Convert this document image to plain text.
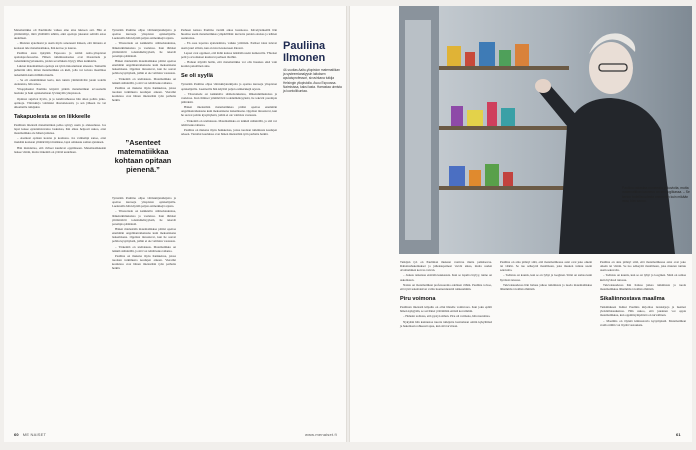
Matematiikka oli Pauliinalle vaikea aine aina lukioon asti. Hän ei ymmärtänyt, mitä yhtälöillä tehtiin, eikä opettaja jaksanut selittää asiaa uudelleen.

– Muistan ajatelleeni ja usein myös sanoneeni ääneen, että minusta ei koskaan tule matemaatikkoa, hän kertoo ja nauraa.

Pauliina asuu nykyään Espoossa ja toimii Aalto-yliopiston apulaisprofessorina. Hänen tutkimusalaansa ovat tilastotiede ja todennäköisyyslaskenta, joiden sovelluksia löytyy lähes kaikkialta.

Lukion matematiikan opettaja sai tytön innostumaan aineesta. Tunneilla puhuttiin siitä, miten matematiikka on kieli, jolla voi kuvata maailmaa tarkemmin kuin millään muulla.

– Se oli ensimmäinen kerta, kun tunsin ymmärtäväni jotain todella olennaista, hän sanoo.

Ylioppilaaksi Pauliina kirjoitti pitkän matematiikan arvosanalla laudatur ja haki opiskelemaan Jyväskylän yliopistoon.

Opinnot sujuivat hyvin, ja jo kandivaiheessa hän alkoi pohtia jatko-opintoja. Väitöskirja valmistui tilastotieteestä, ja sen jälkeen tie vei ulkomaille tutkijaksi.

Takapuolesta se on liikkeelle

Pauliinan mielestä matematiikan pelko syntyy usein jo alakoulussa. Jos lapsi kokee epäonnistuvansa laskuissa, hän alkaa helposti uskoa, ettei matematiikka ole hänen juttunsa.

– Asenteet opitaan kotona ja koulussa. Jos vanhempi sanoo, ettei itsekään koskaan ymmärtänyt matikkaa, lapsi omaksuu saman ajatuksen.

Hän muistuttaa, että virheet kuuluvat oppimiseen. Matemaatikkokin laskee väärin, mutta tärkeintä on yrittää uudelleen.

Työssään Pauliina ohjaa väitöskirjatutkijoita ja opettaa kursseja yliopiston opiskelijoille. Luennoilla hän käyttää paljon esimerkkejä arjesta.

– Tilastotiede on kaikkialla: säätiedotuksissa, lääketutkimuksissa ja vaaleissa. Kun ihmiset ymmärtävät todennäköisyyksiä, he tekevät parempia päätöksiä.

Hänen mielestään matematiikkaa pitäisi opettaa enemmän ongelmanratkaisuna kuin mekaanisena laskemisena. Oppilaat innostuvat, kun he saavat pohtia kysymyksiä, joihin ei ole valmista vastausta.

– Tärkeintä on uteliaisuus. Matematiikka on leikkiä säännöillä, ja sitä voi tehdä kuka tahansa.

Pauliina on mukana myös hankkeissa, joissa tuodaan tutkimusta koulujen arkeen. Vierailut kouluissa ovat hänen mielestään työn parhaita hetkiä.

”Asenteet matematiikkaa kohtaan opitaan pienenä.”

Työssään Pauliina ohjaa väitöskirjatutkijoita ja opettaa kursseja yliopiston opiskelijoille. Luennoilla hän käyttää paljon esimerkkejä arjesta.

– Tilastotiede on kaikkialla: säätiedotuksissa, lääketutkimuksissa ja vaaleissa. Kun ihmiset ymmärtävät todennäköisyyksiä, he tekevät parempia päätöksiä.

Hänen mielestään matematiikkaa pitäisi opettaa enemmän ongelmanratkaisuna kuin mekaanisena laskemisena. Oppilaat innostuvat, kun he saavat pohtia kysymyksiä, joihin ei ole valmista vastausta.

– Tärkeintä on uteliaisuus. Matematiikka on leikkiä säännöillä, ja sitä voi tehdä kuka tahansa.

Pauliina on mukana myös hankkeissa, joissa tuodaan tutkimusta koulujen arkeen. Vierailut kouluissa ovat hänen mielestään työn parhaita hetkiä.

Perheen kanssa Pauliina viettää aikaa luonnossa. Kävelylenkeillä hän huomaa usein matematiikkaa ympärillään: kuvioita puiden oksissa ja lehtien asennoissa.

– En osaa lopettaa ajattelemista, vaikka yrittäisin. Parhaat ideat tulevat usein juuri silloin, kun en istu tietokoneen ääressä.

Lapset ovat oppineet, että äidin kanssa leikitään usein numeroilla. Yhteiset pelit ja arvoitukset kuuluvat perheen iltoihin.

– Haluan näyttää heille, että matematiikka voi olla hauskaa eikä vain koulun pakollinen aine.

Se oli syyllä

Työssään Pauliina ohjaa väitöskirjatutkijoita ja opettaa kursseja yliopiston opiskelijoille. Luennoilla hän käyttää paljon esimerkkejä arjesta.

– Tilastotiede on kaikkialla: säätiedotuksissa, lääketutkimuksissa ja vaaleissa. Kun ihmiset ymmärtävät todennäköisyyksiä, he tekevät parempia päätöksiä.

Hänen mielestään matematiikkaa pitäisi opettaa enemmän ongelmanratkaisuna kuin mekaanisena laskemisena. Oppilaat innostuvat, kun he saavat pohtia kysymyksiä, joihin ei ole valmista vastausta.

– Tärkeintä on uteliaisuus. Matematiikka on leikkiä säännöillä, ja sitä voi tehdä kuka tahansa.

Pauliina on mukana myös hankkeissa, joissa tuodaan tutkimusta koulujen arkeen. Vierailut kouluissa ovat hänen mielestään työn parhaita hetkiä.

Pauliina Ilmonen
44-vuotias Aalto-yliopiston matematiikan ja systeemianalyysin laitoksen apulaisprofessori, sivuvirkana tutkija Helsingin yliopistolla. Asuu Espoossa. Naimisissa, kaksi lasta. Harrastaa uimista ja luontoliikuntaa.
Pauliina rakastaa numeroita ja kuvioita, mutta matematiikan kauneus on sen logiikassa. – Se kertoo todellisuudesta enemmän kuin mikään muu, hän sanoo.

Tutkijan työ on Pauliinan mukaan vaativaa mutta palkitsevaa. Rahoitushakemukset ja julkaisupaineet vievät aikaa, mutta uuden oivaltaminen korvaa vaivan.

– Joskus ratkaisua etsitään kuukausia. Kun se lopulta löytyy, tunne on uskomaton.

Naisia on matematiikan professoreina edelleen vähän. Pauliina toivoo, että tytöt uskaltaisivat valita luonnontieteitä rohkeammin.

Piru voimona

Pauliinan mielestä kilpailu on ollut hänelle voimavara. Kun joku epäili hänen kykyjään, se sai hänet yrittämään entistä kovemmin.

– Halusin todistaa, että pystyn siihen. Piru oli voimana, hän naurahtaa.

Nykyään hän kannustaa nuoria tutkijoita luottamaan omiin kykyihinsä ja hakemaan rohkeasti apua, kun sitä tarvitaan.

Pauliina on aina pitänyt siitä, että matematiikassa asiat ovat joko oikein tai väärin. Se tuo selkeyttä maailmaan, joka muuten tuntuu usein sekavalta.

– Todistus on kaunis, kun se on lyhyt ja looginen. Siinä on samaa kuin hyvässä runossa.

Tulevaisuudessa hän haluaa jatkaa tutkimusta ja tuoda matematiikkaa lähemmäs tavallisia ihmisiä.

Pauliina on aina pitänyt siitä, että matematiikassa asiat ovat joko oikein tai väärin. Se tuo selkeyttä maailmaan, joka muuten tuntuu usein sekavalta.

– Todistus on kaunis, kun se on lyhyt ja looginen. Siinä on samaa kuin hyvässä runossa.

Tulevaisuudessa hän haluaa jatkaa tutkimusta ja tuoda matematiikkaa lähemmäs tavallisia ihmisiä.

Sikaliinnostava maailma

Tutkimuksen lisäksi Pauliina kirjoittaa tietokirjoja ja luennoi yleisötilaisuuksissa. Hän uskoo, että jokainen voi oppia matematiikkaa, kun oppimisympäristö on turvallinen.

– Maailma on täynnä kiinnostavia kysymyksiä. Matematiikan avulla niihin voi löytää vastauksia.

60 ME NAISET	www.menaiset.fi	61
